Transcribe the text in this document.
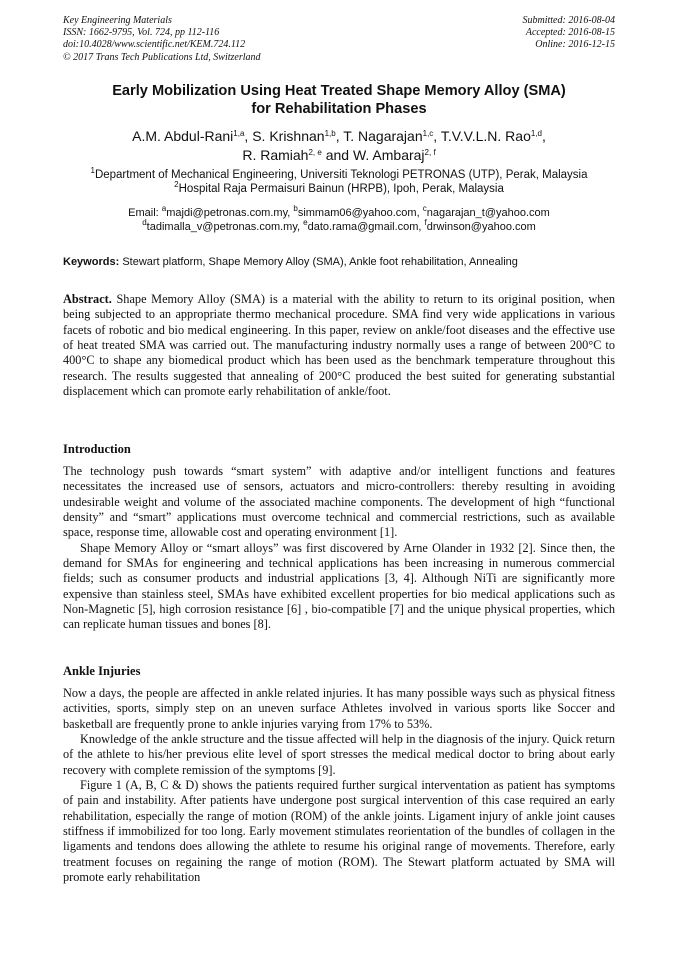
Key Engineering Materials
ISSN: 1662-9795, Vol. 724, pp 112-116
doi:10.4028/www.scientific.net/KEM.724.112
© 2017 Trans Tech Publications Ltd, Switzerland
Submitted: 2016-08-04
Accepted: 2016-08-15
Online: 2016-12-15
Early Mobilization Using Heat Treated Shape Memory Alloy (SMA)
for Rehabilitation Phases
A.M. Abdul-Rani$^{1,a}$, S. Krishnan$^{1,b}$, T. Nagarajan$^{1,c}$, T.V.V.L.N. Rao$^{1,d}$,
R. Ramiah$^{2, e}$ and W. Ambaraj$^{2, f}$
$^1$Department of Mechanical Engineering, Universiti Teknologi PETRONAS (UTP), Perak, Malaysia
$^2$Hospital Raja Permaisuri Bainun (HRPB), Ipoh, Perak, Malaysia
Email: $^a$majdi@petronas.com.my, $^b$simmam06@yahoo.com, $^c$nagarajan_t@yahoo.com
$^d$tadimalla_v@petronas.com.my, $^e$dato.rama@gmail.com, $^f$drwinson@yahoo.com
Keywords: Stewart platform, Shape Memory Alloy (SMA), Ankle foot rehabilitation, Annealing

Abstract. Shape Memory Alloy (SMA) is a material with the ability to return to its original position, when being subjected to an appropriate thermo mechanical procedure. SMA find very wide applications in various facets of robotic and bio medical engineering. In this paper, review on ankle/foot diseases and the effective use of heat treated SMA was carried out. The manufacturing industry normally uses a range of between 200°C to 400°C to shape any biomedical product which has been used as the benchmark temperature throughout this research. The results suggested that annealing of 200°C produced the best suited for generating substantial displacement which can promote early rehabilitation of ankle/foot.

Introduction

The technology push towards “smart system” with adaptive and/or intelligent functions and features necessitates the increased use of sensors, actuators and micro-controllers: thereby resulting in avoiding undesirable weight and volume of the associated machine components. The development of high “functional density” and “smart” applications must overcome technical and commercial restrictions, such as available space, response time, allowable cost and operating environment [1].

Shape Memory Alloy or “smart alloys” was first discovered by Arne Olander in 1932 [2]. Since then, the demand for SMAs for engineering and technical applications has been increasing in numerous commercial fields; such as consumer products and industrial applications [3, 4]. Although NiTi are significantly more expensive than stainless steel, SMAs have exhibited excellent properties for bio medical applications such as Non-Magnetic [5], high corrosion resistance [6] , bio-compatible [7] and the unique physical properties, which can replicate human tissues and bones [8].

Ankle Injuries

Now a days, the people are affected in ankle related injuries. It has many possible ways such as physical fitness activities, sports, simply step on an uneven surface Athletes involved in various sports like Soccer and basketball are frequently prone to ankle injuries varying from 17% to 53%.

Knowledge of the ankle structure and the tissue affected will help in the diagnosis of the injury. Quick return of the athlete to his/her previous elite level of sport stresses the medical medical doctor to bring about early recovery with complete remission of the symptoms [9].

Figure 1 (A, B, C & D) shows the patients required further surgical interventation as patient has symptoms of pain and instability. After patients have undergone post surgical intervention of this case required an early rehabilitation, especially the range of motion (ROM) of the ankle joints. Ligament injury of ankle joint causes stiffness if immobilized for too long. Early movement stimulates reorientation of the bundles of collagen in the ligaments and tendons does allowing the athlete to resume his original range of movements. Therefore, early treatment focuses on regaining the range of motion (ROM). The Stewart platform actuated by SMA will promote early rehabilitation
